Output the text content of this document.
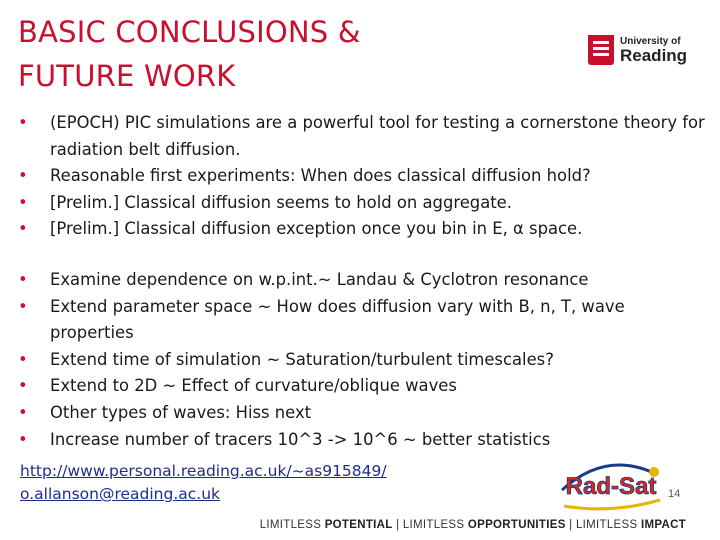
BASIC CONCLUSIONS &
FUTURE WORK
University of
Reading
• (EPOCH) PIC simulations are a powerful tool for testing a cornerstone theory for radiation belt diffusion.
• Reasonable first experiments: When does classical diffusion hold?
• [Prelim.] Classical diffusion seems to hold on aggregate.
• [Prelim.] Classical diffusion exception once you bin in E, α space.
• Examine dependence on w.p.int.~ Landau & Cyclotron resonance
• Extend parameter space ~ How does diffusion vary with B, n, T, wave properties
• Extend time of simulation ~ Saturation/turbulent timescales?
• Extend to 2D ~ Effect of curvature/oblique waves
• Other types of waves: Hiss next
• Increase number of tracers 10^3 -> 10^6 ~ better statistics
http://www.personal.reading.ac.uk/~as915849/
o.allanson@reading.ac.uk	Rad-Sat 14
LIMITLESS POTENTIAL | LIMITLESS OPPORTUNITIES | LIMITLESS IMPACT
